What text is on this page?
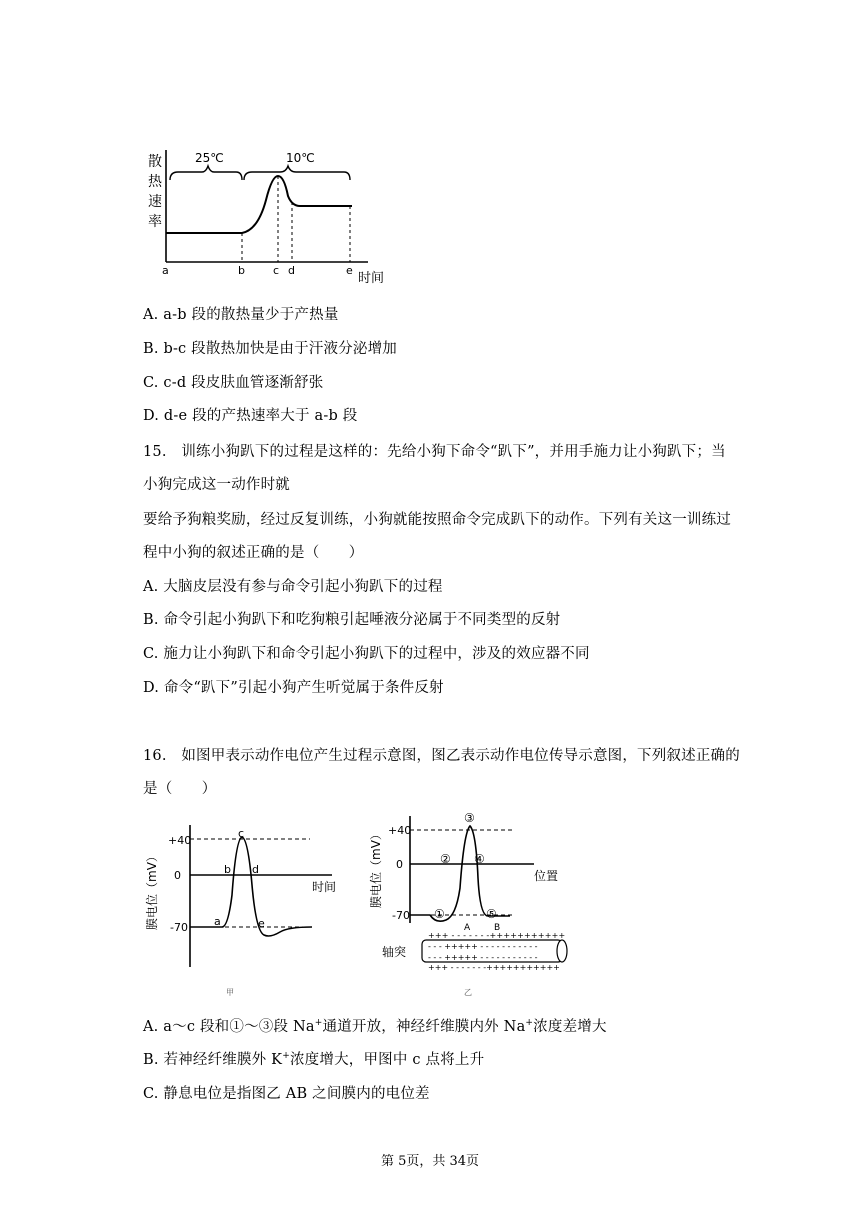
散
热
速
率
25℃	10℃
a	b	c d	e
时间
A. a-b 段的散热量少于产热量
B. b-c 段散热加快是由于汗液分泌增加
C. c-d 段皮肤血管逐渐舒张
D. d-e 段的产热速率大于 a-b 段
15.　训练小狗趴下的过程是这样的：先给小狗下命令“趴下”，并用手施力让小狗趴下；当
小狗完成这一动作时就
要给予狗粮奖励，经过反复训练，小狗就能按照命令完成趴下的动作。下列有关这一训练过
程中小狗的叙述正确的是（　　）
A. 大脑皮层没有参与命令引起小狗趴下的过程
B. 命令引起小狗趴下和吃狗粮引起唾液分泌属于不同类型的反射
C. 施力让小狗趴下和命令引起小狗趴下的过程中，涉及的效应器不同
D. 命令“趴下”引起小狗产生听觉属于条件反射
16.　如图甲表示动作电位产生过程示意图，图乙表示动作电位传导示意图，下列叙述正确的
是（　　）
膜电位（mV）
+40
0
-70 a
b
c
d
e
时间
甲
膜电位（mV） +40
0
-70 ①
②
③
④
⑤
位置
A	B
+++ - - - - - - -+++++++++++
- - - +++++ - - - - - - - - - - -
- - - +++++ - - - - - - - - - - -
+++ - - - - - - -+++++++++++
轴突
乙
A. a～c 段和①～③段 Na+通道开放，神经纤维膜内外 Na+浓度差增大
B. 若神经纤维膜外 K+浓度增大，甲图中 c 点将上升
C. 静息电位是指图乙 AB 之间膜内的电位差
第 5页，共 34页
